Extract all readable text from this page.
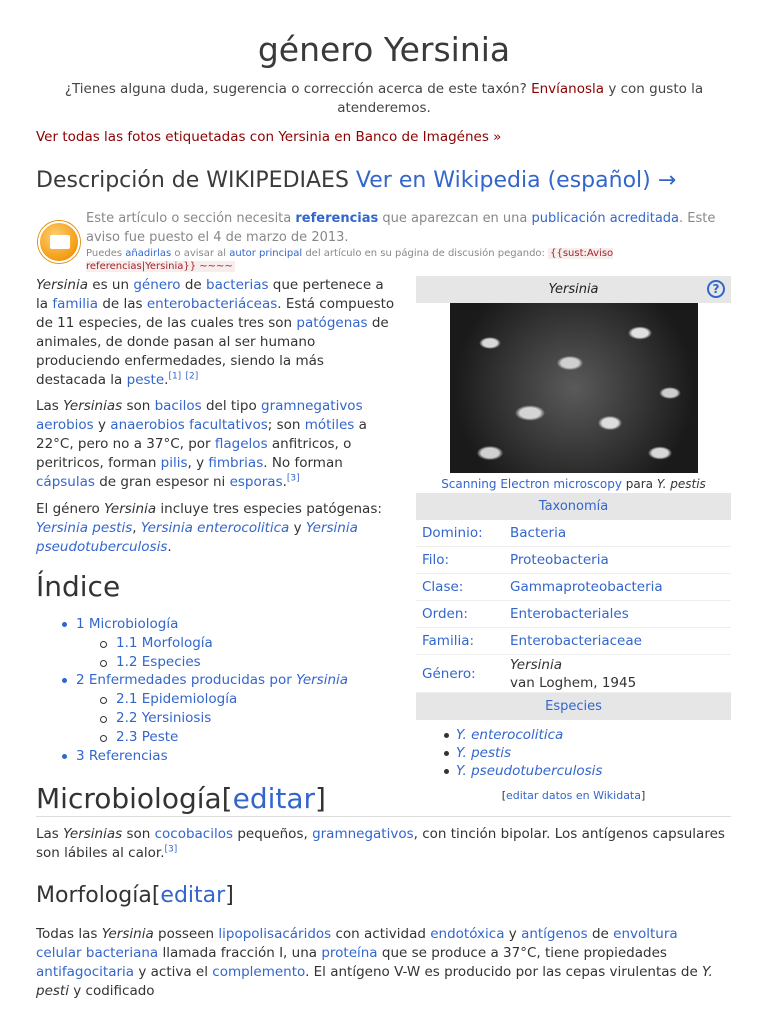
género Yersinia
¿Tienes alguna duda, sugerencia o corrección acerca de este taxón? Envíanosla y con gusto la atenderemos.
Ver todas las fotos etiquetadas con Yersinia en Banco de Imagénes »
Descripción de WIKIPEDIAES Ver en Wikipedia (español) →
Este artículo o sección necesita referencias que aparezcan en una publicación acreditada. Este aviso fue puesto el 4 de marzo de 2013.
Puedes añadirlas o avisar al autor principal del artículo en su página de discusión pegando: {{sust:Aviso referencias|Yersinia}} ~~~~
Yersinia es un género de bacterias que pertenece a la familia de las enterobacteriáceas. Está compuesto de 11 especies, de las cuales tres son patógenas de animales, de donde pasan al ser humano produciendo enfermedades, siendo la más destacada la peste.[1] [2]
Las Yersinias son bacilos del tipo gramnegativos aerobios y anaerobios facultativos; son mótiles a 22°C, pero no a 37°C, por flagelos anfitricos, o peritricos, forman pilis, y fimbrias. No forman cápsulas de gran espesor ni esporas.[3]
El género Yersinia incluye tres especies patógenas: Yersinia pestis, Yersinia enterocolitica y Yersinia pseudotuberculosis.
Índice
1 Microbiología
1.1 Morfología
1.2 Especies
2 Enfermedades producidas por Yersinia
2.1 Epidemiología
2.2 Yersiniosis
2.3 Peste
3 Referencias
Yersinia	?
Scanning Electron microscopy para Y. pestis
Taxonomía
Dominio:	Bacteria
Filo:	Proteobacteria
Clase:	Gammaproteobacteria
Orden:	Enterobacteriales
Familia:	Enterobacteriaceae
Género:
Yersinia
van Loghem, 1945
Especies
Y. enterocolitica
Y. pestis
Y. pseudotuberculosis
[editar datos en Wikidata]
Microbiología[editar]
Las Yersinias son cocobacilos pequeños, gramnegativos, con tinción bipolar. Los antígenos capsulares son lábiles al calor.[3]
Morfología[editar]
Todas las Yersinia posseen lipopolisacáridos con actividad endotóxica y antígenos de envoltura celular bacteriana llamada fracción I, una proteína que se produce a 37°C, tiene propiedades antifagocitaria y activa el complemento. El antígeno V-W es producido por las cepas virulentas de Y. pesti y codificado
